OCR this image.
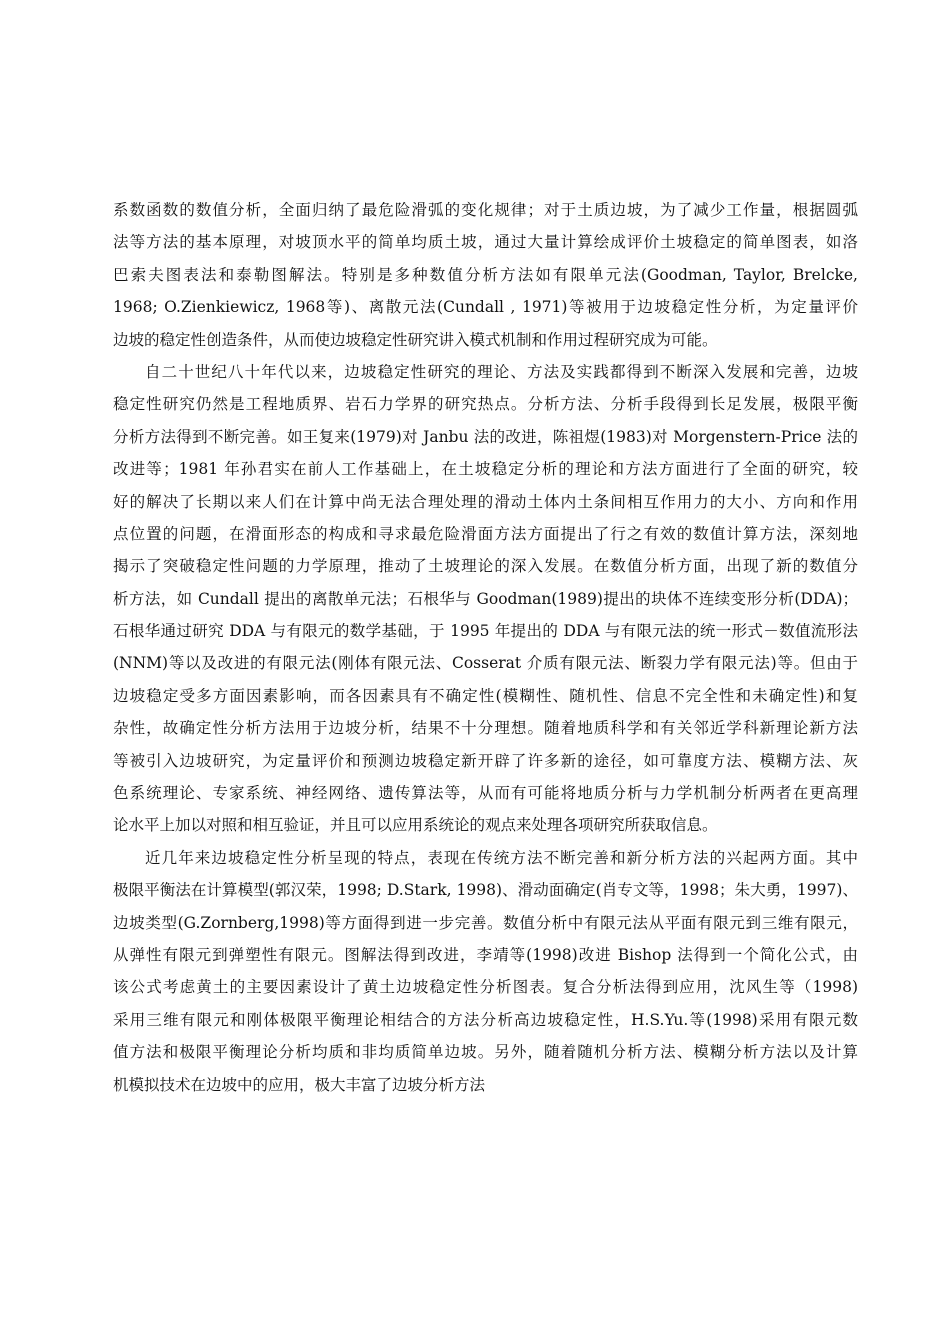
系数函数的数值分析，全面归纳了最危险滑弧的变化规律；对于土质边坡，为了减少工作量，根据圆弧
法等方法的基本原理，对坡顶水平的简单均质土坡，通过大量计算绘成评价土坡稳定的简单图表，如洛
巴索夫图表法和泰勒图解法。特别是多种数值分析方法如有限单元法(Goodman, Taylor, Brelcke,
1968; O.Zienkiewicz, 1968等)、离散元法(Cundall , 1971)等被用于边坡稳定性分析，为定量评价
边坡的稳定性创造条件，从而使边坡稳定性研究讲入模式机制和作用过程研究成为可能。
自二十世纪八十年代以来，边坡稳定性研究的理论、方法及实践都得到不断深入发展和完善，边坡
稳定性研究仍然是工程地质界、岩石力学界的研究热点。分析方法、分析手段得到长足发展，极限平衡
分析方法得到不断完善。如王复来(1979)对 Janbu 法的改进，陈祖煜(1983)对 Morgenstern-Price 法的
改进等；1981 年孙君实在前人工作基础上，在土坡稳定分析的理论和方法方面进行了全面的研究，较
好的解决了长期以来人们在计算中尚无法合理处理的滑动土体内土条间相互作用力的大小、方向和作用
点位置的问题，在滑面形态的构成和寻求最危险滑面方法方面提出了行之有效的数值计算方法，深刻地
揭示了突破稳定性问题的力学原理，推动了土坡理论的深入发展。在数值分析方面，出现了新的数值分
析方法，如 Cundall 提出的离散单元法；石根华与 Goodman(1989)提出的块体不连续变形分析(DDA)；
石根华通过研究 DDA 与有限元的数学基础，于 1995 年提出的 DDA 与有限元法的统一形式－数值流形法
(NNM)等以及改进的有限元法(刚体有限元法、Cosserat 介质有限元法、断裂力学有限元法)等。但由于
边坡稳定受多方面因素影响，而各因素具有不确定性(模糊性、随机性、信息不完全性和未确定性)和复
杂性，故确定性分析方法用于边坡分析，结果不十分理想。随着地质科学和有关邻近学科新理论新方法
等被引入边坡研究，为定量评价和预测边坡稳定新开辟了许多新的途径，如可靠度方法、模糊方法、灰
色系统理论、专家系统、神经网络、遗传算法等，从而有可能将地质分析与力学机制分析两者在更高理
论水平上加以对照和相互验证，并且可以应用系统论的观点来处理各项研究所获取信息。
近几年来边坡稳定性分析呈现的特点，表现在传统方法不断完善和新分析方法的兴起两方面。其中
极限平衡法在计算模型(郭汉荣，1998; D.Stark, 1998)、滑动面确定(肖专文等，1998；朱大勇，1997)、
边坡类型(G.Zornberg,1998)等方面得到进一步完善。数值分析中有限元法从平面有限元到三维有限元，
从弹性有限元到弹塑性有限元。图解法得到改进，李靖等(1998)改进 Bishop 法得到一个简化公式，由
该公式考虑黄土的主要因素设计了黄土边坡稳定性分析图表。复合分析法得到应用，沈风生等（1998)
采用三维有限元和刚体极限平衡理论相结合的方法分析高边坡稳定性，H.S.Yu.等(1998)采用有限元数
值方法和极限平衡理论分析均质和非均质简单边坡。另外，随着随机分析方法、模糊分析方法以及计算
机模拟技术在边坡中的应用，极大丰富了边坡分析方法
